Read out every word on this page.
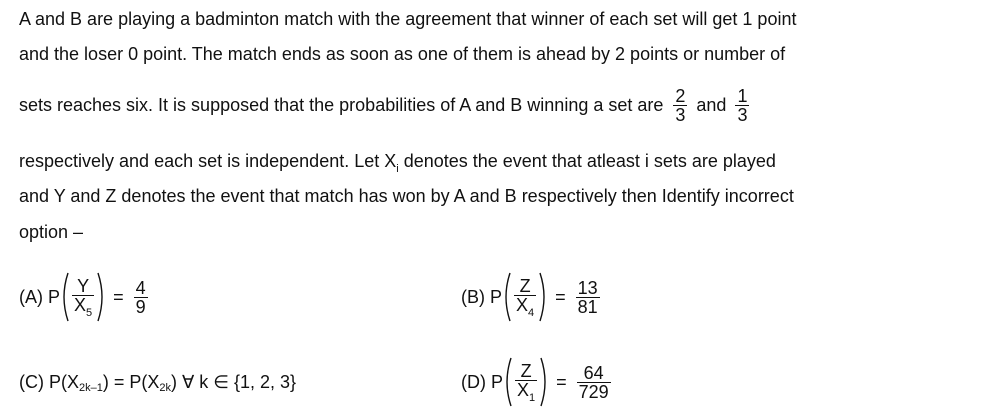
A and B are playing a badminton match with the agreement that winner of each set will get 1 point
and the loser 0 point. The match ends as soon as one of them is ahead by 2 points or number of
sets reaches six. It is supposed that the probabilities of A and B winning a set are $\frac{2}{3}$ and $\frac{1}{3}$
respectively and each set is independent. Let $X_i$ denotes the event that atleast i sets are played
and Y and Z denotes the event that match has won by A and B respectively then Identify incorrect
option –
(A) P $\frac{Y}{X_5} = \frac{4}{9}$	(B) P $\frac{Z}{X_4} = \frac{13}{81}$
(C) P(X 2k–1 ) = P(X 2k ) ∀ k ∈ {1, 2, 3}	(D) P $\frac{Z}{X_1} = \frac{64}{729}$
